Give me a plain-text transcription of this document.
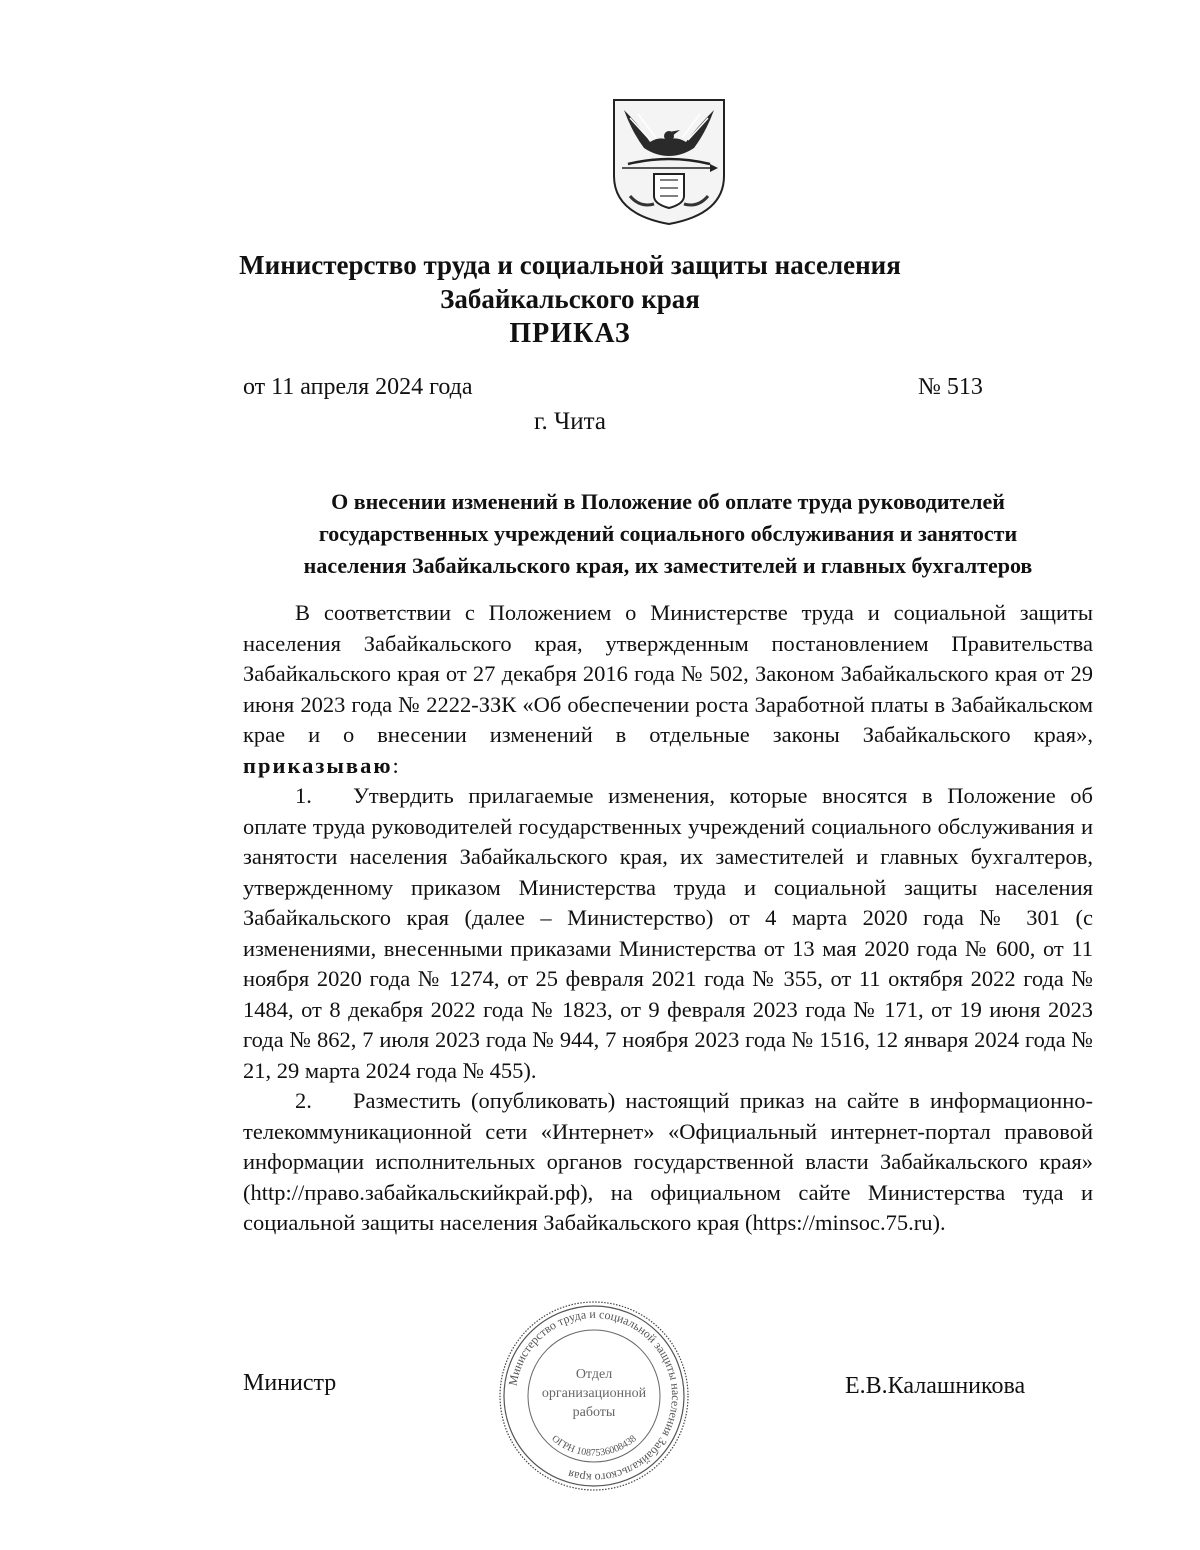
Министерство труда и социальной защиты населения
Забайкальского края
ПРИКАЗ
от 11 апреля 2024 года	№ 513
г. Чита
О внесении изменений в Положение об оплате труда руководителей
государственных учреждений социального обслуживания и занятости
населения Забайкальского края, их заместителей и главных бухгалтеров

В соответствии с Положением о Министерстве труда и социальной защиты населения Забайкальского края, утвержденным постановлением Правительства Забайкальского края от 27 декабря 2016 года № 502, Законом Забайкальского края от 29 июня 2023 года № 2222-ЗЗК «Об обеспечении роста Заработной платы в Забайкальском крае и о внесении изменений в отдельные законы Забайкальского края», приказываю:

1. Утвердить прилагаемые изменения, которые вносятся в Положение об оплате труда руководителей государственных учреждений социального обслуживания и занятости населения Забайкальского края, их заместителей и главных бухгалтеров, утвержденному приказом Министерства труда и социальной защиты населения Забайкальского края (далее – Министерство) от 4 марта 2020 года № 301 (с изменениями, внесенными приказами Министерства от 13 мая 2020 года № 600, от 11 ноября 2020 года № 1274, от 25 февраля 2021 года № 355, от 11 октября 2022 года № 1484, от 8 декабря 2022 года № 1823, от 9 февраля 2023 года № 171, от 19 июня 2023 года № 862, 7 июля 2023 года № 944, 7 ноября 2023 года № 1516, 12 января 2024 года № 21, 29 марта 2024 года № 455).

2. Разместить (опубликовать) настоящий приказ на сайте в информационно-телекоммуникационной сети «Интернет» «Официальный интернет-портал правовой информации исполнительных органов государственной власти Забайкальского края» (http://право.забайкальскийкрай.рф), на официальном сайте Министерства туда и социальной защиты населения Забайкальского края (https://minsoc.75.ru).

Министр	Е.В.Калашникова
Министерство труда и социальной защиты населения Забайкальского края
ОГРН 1087536008438
Отдел
организационной
работы
